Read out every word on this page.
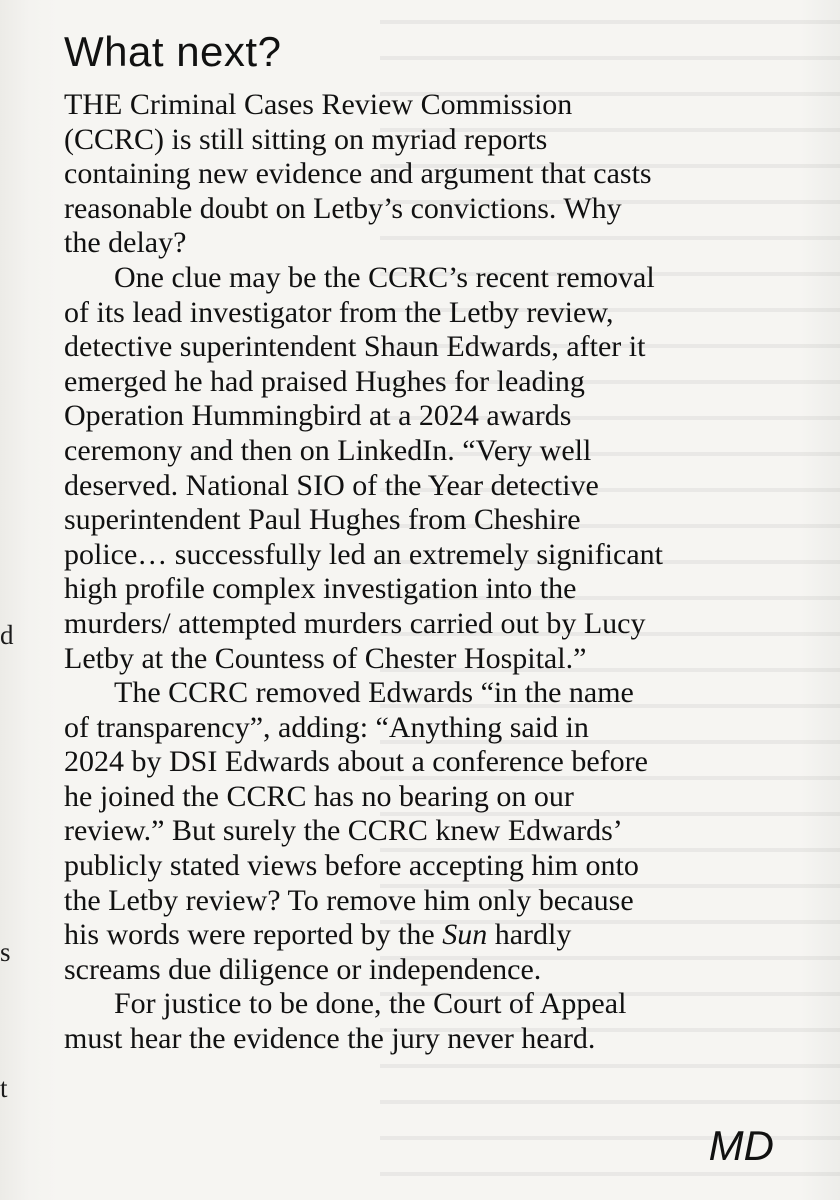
d
s
t
What next?

THE Criminal Cases Review Commission
(CCRC) is still sitting on myriad reports
containing new evidence and argument that casts
reasonable doubt on Letby’s convictions. Why
the delay?

One clue may be the CCRC’s recent removal
of its lead investigator from the Letby review,
detective superintendent Shaun Edwards, after it
emerged he had praised Hughes for leading
Operation Hummingbird at a 2024 awards
ceremony and then on LinkedIn. “Very well
deserved. National SIO of the Year detective
superintendent Paul Hughes from Cheshire
police… successfully led an extremely significant
high profile complex investigation into the
murders/ attempted murders carried out by Lucy
Letby at the Countess of Chester Hospital.”

The CCRC removed Edwards “in the name
of transparency”, adding: “Anything said in
2024 by DSI Edwards about a conference before
he joined the CCRC has no bearing on our
review.” But surely the CCRC knew Edwards’
publicly stated views before accepting him onto
the Letby review? To remove him only because
his words were reported by the Sun hardly
screams due diligence or independence.

For justice to be done, the Court of Appeal
must hear the evidence the jury never heard.

MD
